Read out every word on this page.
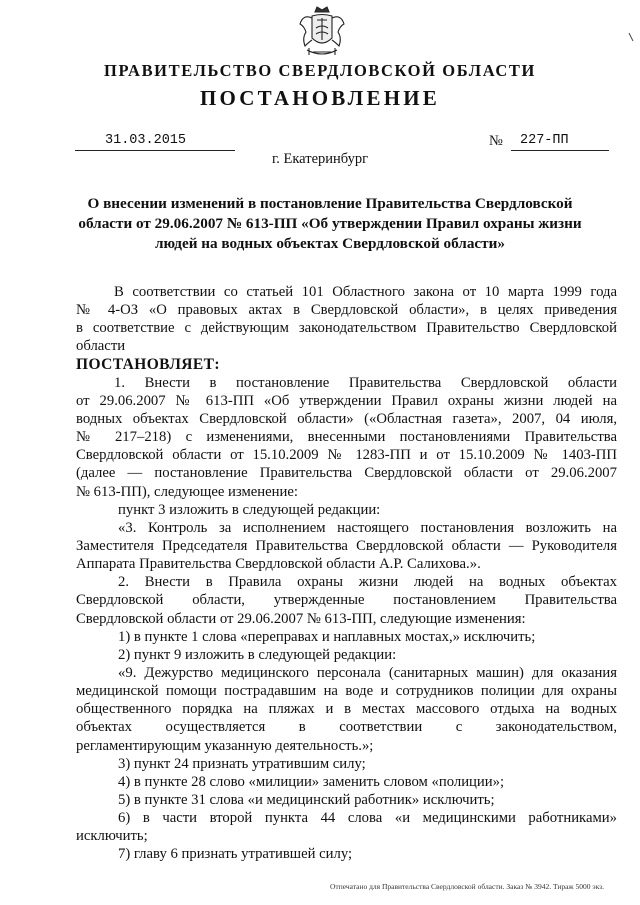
ПРАВИТЕЛЬСТВО СВЕРДЛОВСКОЙ ОБЛАСТИ
ПОСТАНОВЛЕНИЕ
31.03.2015	№ 227-ПП
г. Екатеринбург
О внесении изменений в постановление Правительства Свердловской
области от 29.06.2007 № 613-ПП «Об утверждении Правил охраны жизни
людей на водных объектах Свердловской области»
В соответствии со статьей 101 Областного закона от 10 марта 1999 года
№ 4-ОЗ «О правовых актах в Свердловской области», в целях приведения
в соответствие с действующим законодательством Правительство Свердловской
области
ПОСТАНОВЛЯЕТ:
1. Внести в постановление Правительства Свердловской области
от 29.06.2007 № 613-ПП «Об утверждении Правил охраны жизни людей на
водных объектах Свердловской области» («Областная газета», 2007, 04 июля,
№ 217–218) с изменениями, внесенными постановлениями Правительства
Свердловской области от 15.10.2009 № 1283-ПП и от 15.10.2009 № 1403-ПП
(далее — постановление Правительства Свердловской области от 29.06.2007
№ 613-ПП), следующее изменение:
пункт 3 изложить в следующей редакции:
«3. Контроль за исполнением настоящего постановления возложить на
Заместителя Председателя Правительства Свердловской области — Руководителя
Аппарата Правительства Свердловской области А.Р. Салихова.».
2. Внести в Правила охраны жизни людей на водных объектах
Свердловской области, утвержденные постановлением Правительства
Свердловской области от 29.06.2007 № 613-ПП, следующие изменения:
1) в пункте 1 слова «переправах и наплавных мостах,» исключить;
2) пункт 9 изложить в следующей редакции:
«9. Дежурство медицинского персонала (санитарных машин) для оказания
медицинской помощи пострадавшим на воде и сотрудников полиции для охраны
общественного порядка на пляжах и в местах массового отдыха на водных
объектах осуществляется в соответствии с законодательством,
регламентирующим указанную деятельность.»;
3) пункт 24 признать утратившим силу;
4) в пункте 28 слово «милиции» заменить словом «полиции»;
5) в пункте 31 слова «и медицинский работник» исключить;
6) в части второй пункта 44 слова «и медицинскими работниками»
исключить;
7) главу 6 признать утратившей силу;
Отпечатано для Правительства Свердловской области. Заказ № 3942. Тираж 5000 экз.
